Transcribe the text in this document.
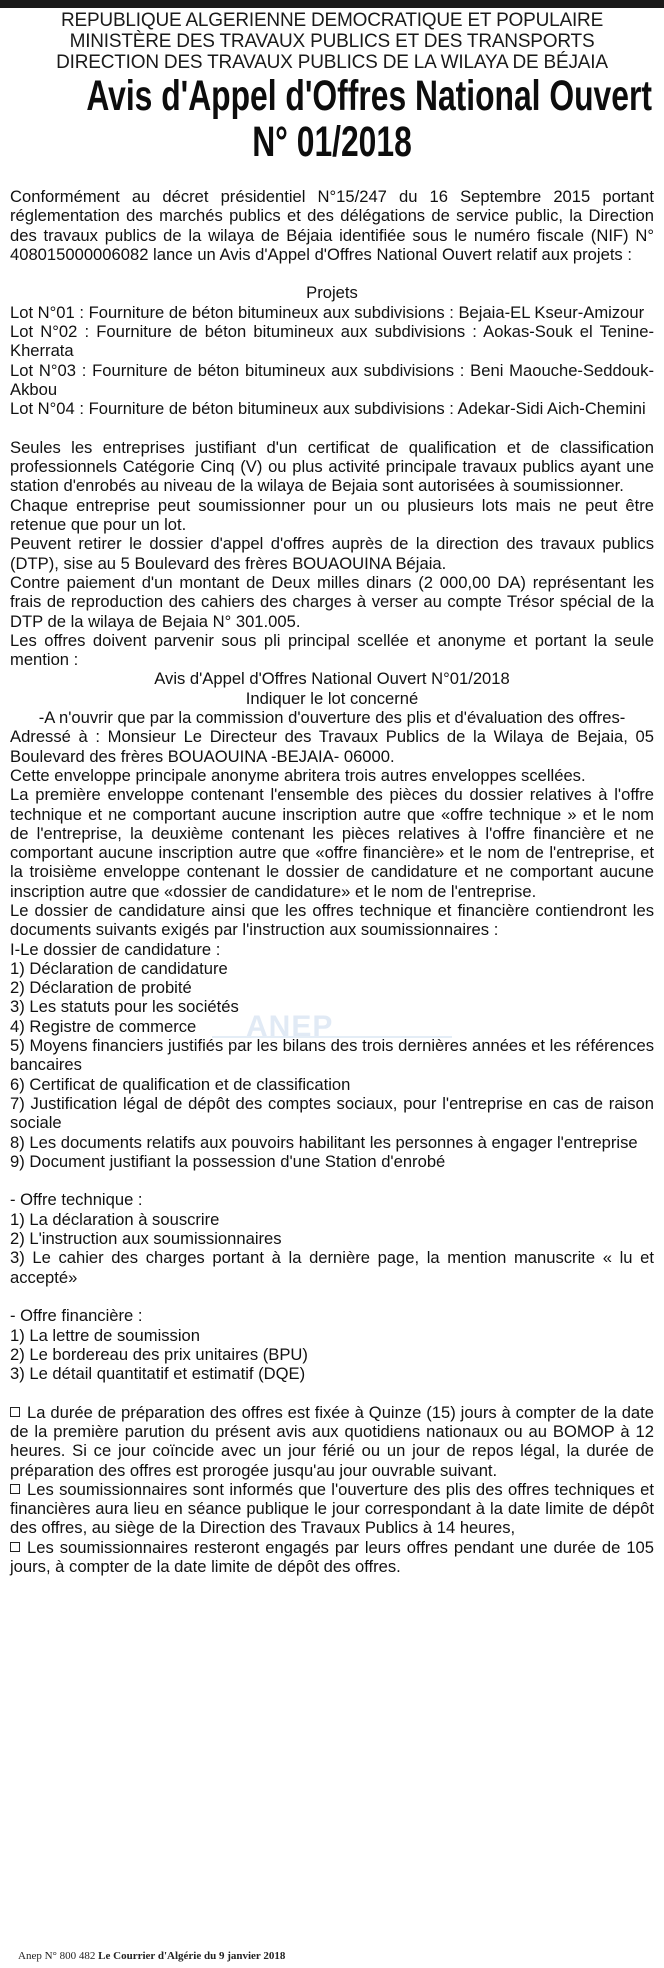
REPUBLIQUE ALGERIENNE DEMOCRATIQUE ET POPULAIRE
MINISTÈRE DES TRAVAUX PUBLICS ET DES TRANSPORTS
DIRECTION DES TRAVAUX PUBLICS DE LA WILAYA DE BÉJAIA
Avis d'Appel d'Offres National Ouvert
N° 01/2018

Conformément au décret présidentiel N°15/247 du 16 Septembre 2015 portant réglementation des marchés publics et des délégations de service public, la Direction des travaux publics de la wilaya de Béjaia identifiée sous le numéro fiscale (NIF) N° 408015000006082 lance un Avis d'Appel d'Offres National Ouvert relatif aux projets :

Projets

Lot N°01 : Fourniture de béton bitumineux aux subdivisions : Bejaia-EL Kseur-Amizour

Lot N°02 : Fourniture de béton bitumineux aux subdivisions : Aokas-Souk el Tenine-Kherrata

Lot N°03 : Fourniture de béton bitumineux aux subdivisions : Beni Maouche-Seddouk-Akbou

Lot N°04 : Fourniture de béton bitumineux aux subdivisions : Adekar-Sidi Aich-Chemini

Seules les entreprises justifiant d'un certificat de qualification et de classification professionnels Catégorie Cinq (V) ou plus activité principale travaux publics ayant une station d'enrobés au niveau de la wilaya de Bejaia sont autorisées à soumissionner.

Chaque entreprise peut soumissionner pour un ou plusieurs lots mais ne peut être retenue que pour un lot.

Peuvent retirer le dossier d'appel d'offres auprès de la direction des travaux publics (DTP), sise au 5 Boulevard des frères BOUAOUINA Béjaia.

Contre paiement d'un montant de Deux milles dinars (2 000,00 DA) représentant les frais de reproduction des cahiers des charges à verser au compte Trésor spécial de la DTP de la wilaya de Bejaia N° 301.005.

Les offres doivent parvenir sous pli principal scellée et anonyme et portant la seule mention :

Avis d'Appel d'Offres National Ouvert N°01/2018

Indiquer le lot concerné

-A n'ouvrir que par la commission d'ouverture des plis et d'évaluation des offres-

Adressé à : Monsieur Le Directeur des Travaux Publics de la Wilaya de Bejaia, 05 Boulevard des frères BOUAOUINA -BEJAIA- 06000.

Cette enveloppe principale anonyme abritera trois autres enveloppes scellées.

La première enveloppe contenant l'ensemble des pièces du dossier relatives à l'offre technique et ne comportant aucune inscription autre que «offre technique » et le nom de l'entreprise, la deuxième contenant les pièces relatives à l'offre financière et ne comportant aucune inscription autre que «offre financière» et le nom de l'entreprise, et la troisième enveloppe contenant le dossier de candidature et ne comportant aucune inscription autre que «dossier de candidature» et le nom de l'entreprise.

Le dossier de candidature ainsi que les offres technique et financière contiendront les documents suivants exigés par l'instruction aux soumissionnaires :

I-Le dossier de candidature :
1) Déclaration de candidature
2) Déclaration de probité
3) Les statuts pour les sociétés
4) Registre de commerce
5) Moyens financiers justifiés par les bilans des trois dernières années et les références bancaires
6) Certificat de qualification et de classification
7) Justification légal de dépôt des comptes sociaux, pour l'entreprise en cas de raison sociale
8) Les documents relatifs aux pouvoirs habilitant les personnes à engager l'entreprise
9) Document justifiant la possession d'une Station d'enrobé
- Offre technique :
1) La déclaration à souscrire
2) L'instruction aux soumissionnaires
3) Le cahier des charges portant à la dernière page, la mention manuscrite « lu et accepté»
- Offre financière :
1) La lettre de soumission
2) Le bordereau des prix unitaires (BPU)
3) Le détail quantitatif et estimatif (DQE)

La durée de préparation des offres est fixée à Quinze (15) jours à compter de la date de la première parution du présent avis aux quotidiens nationaux ou au BOMOP à 12 heures. Si ce jour coïncide avec un jour férié ou un jour de repos légal, la durée de préparation des offres est prorogée jusqu'au jour ouvrable suivant.

Les soumissionnaires sont informés que l'ouverture des plis des offres techniques et financières aura lieu en séance publique le jour correspondant à la date limite de dépôt des offres, au siège de la Direction des Travaux Publics à 14 heures,

Les soumissionnaires resteront engagés par leurs offres pendant une durée de 105 jours, à compter de la date limite de dépôt des offres.

ANEP
Anep N° 800 482 Le Courrier d'Algérie du 9 janvier 2018
